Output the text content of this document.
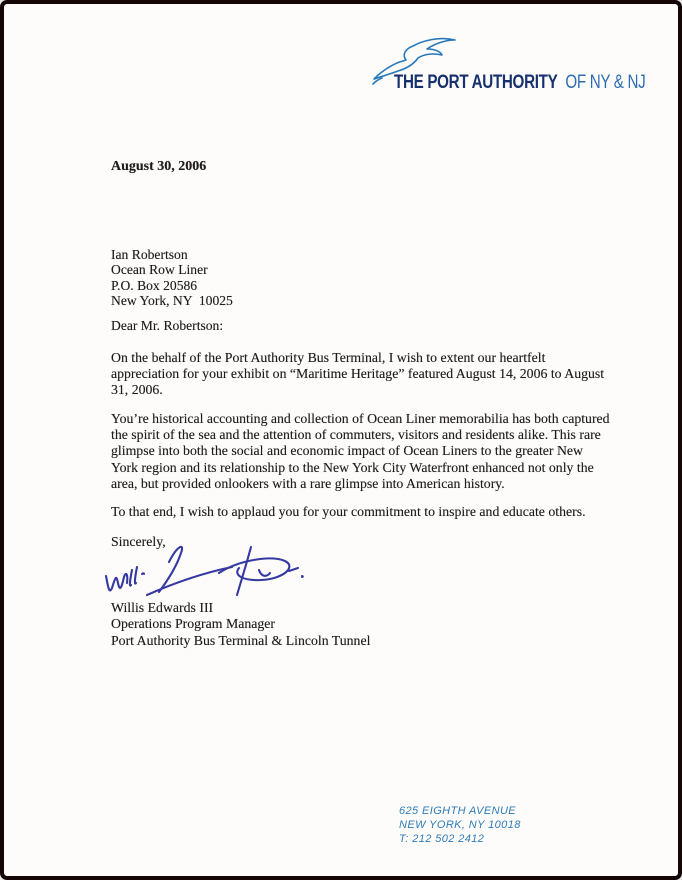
THE PORT AUTHORITY OF NY & NJ
August 30, 2006
Ian Robertson
Ocean Row Liner
P.O. Box 20586
New York, NY  10025
Dear Mr. Robertson:
On the behalf of the Port Authority Bus Terminal, I wish to extent our heartfelt appreciation for your exhibit on “Maritime Heritage” featured August 14, 2006 to August 31, 2006.
You’re historical accounting and collection of Ocean Liner memorabilia has both captured the spirit of the sea and the attention of commuters, visitors and residents alike. This rare glimpse into both the social and economic impact of Ocean Liners to the greater New York region and its relationship to the New York City Waterfront enhanced not only the area, but provided onlookers with a rare glimpse into American history.
To that end, I wish to applaud you for your commitment to inspire and educate others.
Sincerely,
Willis Edwards III
Operations Program Manager
Port Authority Bus Terminal & Lincoln Tunnel
625 EIGHTH AVENUE
NEW YORK, NY 10018
T: 212 502 2412
